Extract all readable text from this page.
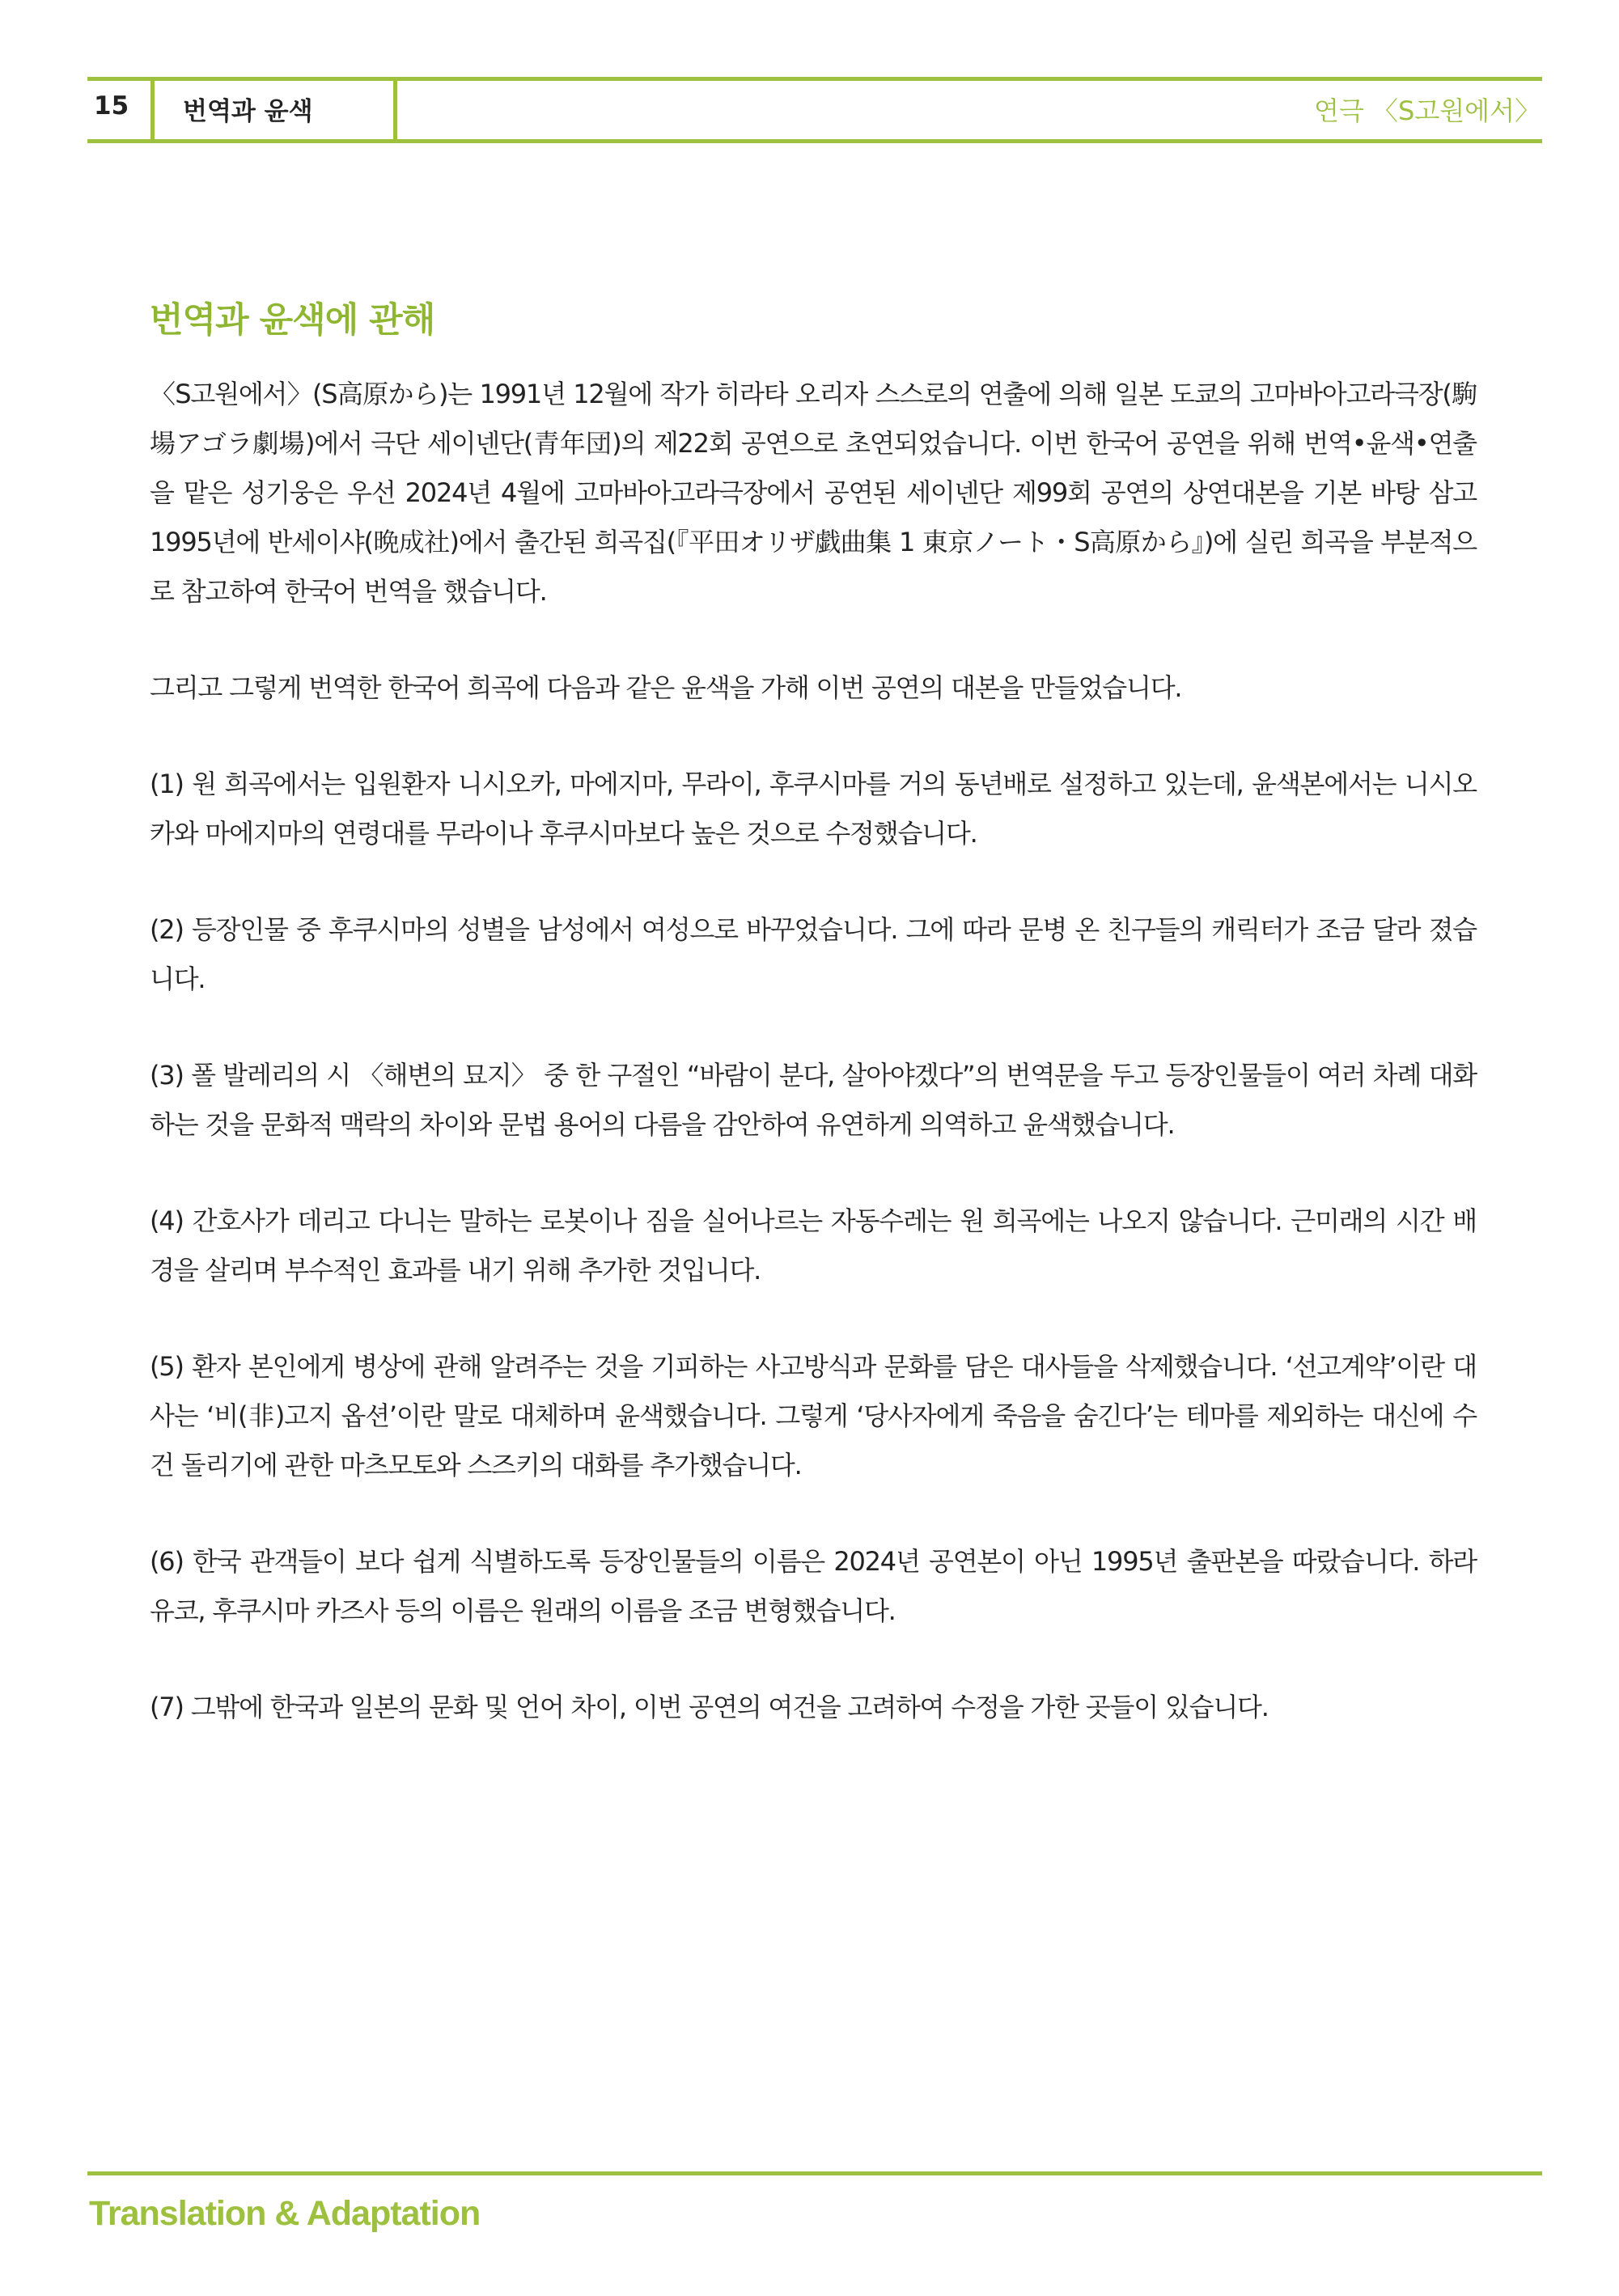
15 번역과 윤색	연극 〈S고원에서〉
번역과 윤색에 관해

〈S고원에서〉(S高原から)는 1991년 12월에 작가 히라타 오리자 스스로의 연출에 의해 일본 도쿄의 고마바아고라극장(駒場アゴラ劇場)에서 극단 세이넨단(青年団)의 제22회 공연으로 초연되었습니다. 이번 한국어 공연을 위해 번역•윤색•연출을 맡은 성기웅은 우선 2024년 4월에 고마바아고라극장에서 공연된 세이넨단 제99회 공연의 상연대본을 기본 바탕 삼고 1995년에 반세이샤(晩成社)에서 출간된 희곡집(『平田オリザ戯曲集 1 東京ノート・S高原から』)에 실린 희곡을 부분적으로 참고하여 한국어 번역을 했습니다.

그리고 그렇게 번역한 한국어 희곡에 다음과 같은 윤색을 가해 이번 공연의 대본을 만들었습니다.

(1) 원 희곡에서는 입원환자 니시오카, 마에지마, 무라이, 후쿠시마를 거의 동년배로 설정하고 있는데, 윤색본에서는 니시오카와 마에지마의 연령대를 무라이나 후쿠시마보다 높은 것으로 수정했습니다.

(2) 등장인물 중 후쿠시마의 성별을 남성에서 여성으로 바꾸었습니다. 그에 따라 문병 온 친구들의 캐릭터가 조금 달라 졌습니다.

(3) 폴 발레리의 시 〈해변의 묘지〉 중 한 구절인 “바람이 분다, 살아야겠다”의 번역문을 두고 등장인물들이 여러 차례 대화하는 것을 문화적 맥락의 차이와 문법 용어의 다름을 감안하여 유연하게 의역하고 윤색했습니다.

(4) 간호사가 데리고 다니는 말하는 로봇이나 짐을 실어나르는 자동수레는 원 희곡에는 나오지 않습니다. 근미래의 시간 배경을 살리며 부수적인 효과를 내기 위해 추가한 것입니다.

(5) 환자 본인에게 병상에 관해 알려주는 것을 기피하는 사고방식과 문화를 담은 대사들을 삭제했습니다. ‘선고계약’이란 대사는 ‘비(非)고지 옵션’이란 말로 대체하며 윤색했습니다. 그렇게 ‘당사자에게 죽음을 숨긴다’는 테마를 제외하는 대신에 수건 돌리기에 관한 마츠모토와 스즈키의 대화를 추가했습니다.

(6) 한국 관객들이 보다 쉽게 식별하도록 등장인물들의 이름은 2024년 공연본이 아닌 1995년 출판본을 따랐습니다. 하라 유코, 후쿠시마 카즈사 등의 이름은 원래의 이름을 조금 변형했습니다.

(7) 그밖에 한국과 일본의 문화 및 언어 차이, 이번 공연의 여건을 고려하여 수정을 가한 곳들이 있습니다.

Translation & Adaptation
